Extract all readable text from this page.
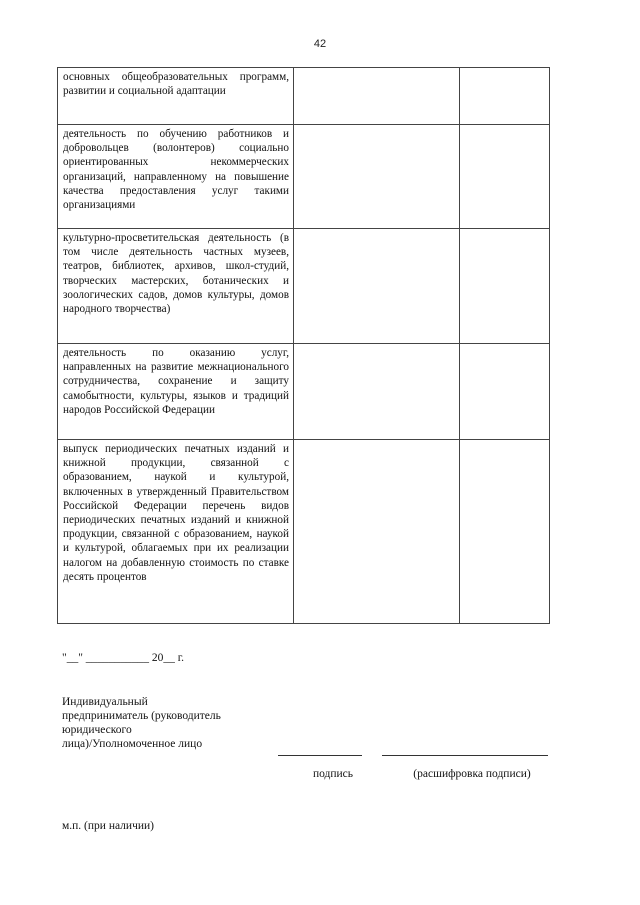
42
основных общеобразовательных программ, развитии и социальной адаптации		
деятельность по обучению работников и добровольцев (волонтеров) социально ориентированных некоммерческих организаций, направленному на повышение качества предоставления услуг такими организациями		
культурно-просветительская деятельность (в том числе деятельность частных музеев, театров, библиотек, архивов, школ-студий, творческих мастерских, ботанических и зоологических садов, домов культуры, домов народного творчества)		
деятельность по оказанию услуг, направленных на развитие межнационального сотрудничества, сохранение и защиту самобытности, культуры, языков и традиций народов Российской Федерации		
выпуск периодических печатных изданий и книжной продукции, связанной с образованием, наукой и культурой, включенных в утвержденный Правительством Российской Федерации перечень видов периодических печатных изданий и книжной продукции, связанной с образованием, наукой и культурой, облагаемых при их реализации налогом на добавленную стоимость по ставке десять процентов		
"__" ___________ 20__ г.
Индивидуальный
предприниматель (руководитель
юридического
лица)/Уполномоченное лицо
подпись	(расшифровка подписи)
м.п. (при наличии)
